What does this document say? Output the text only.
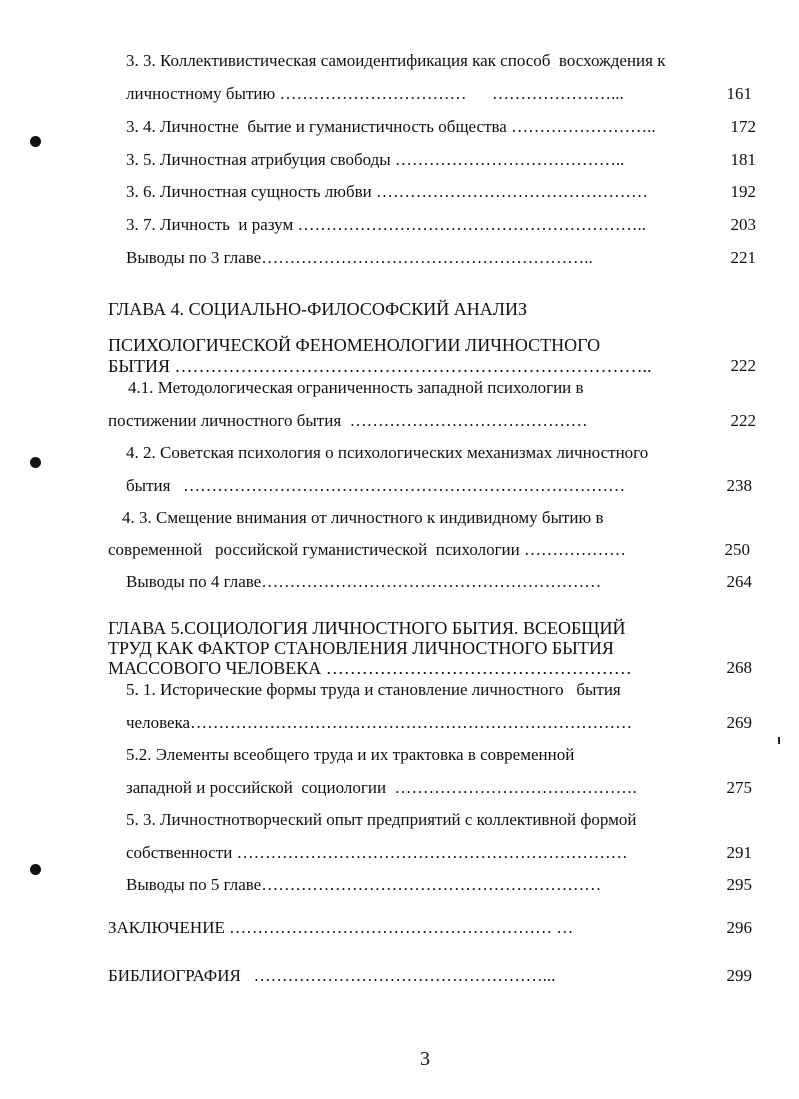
3. 3. Коллективистическая самоидентификация как способ  восхождения к
личностному бытию ……………………………      …………………...	161
3. 4. Личностне  бытие и гуманистичность общества ……………………..	172
3. 5. Личностная атрибуция свободы …………………………………..	181
3. 6. Личностная сущность любви …………………………………………	192
3. 7. Личность  и разум ……………………………………………………..	203
Выводы по 3 главе…………………………………………………..	221
ГЛАВА 4. СОЦИАЛЬНО-ФИЛОСОФСКИЙ АНАЛИЗ
ПСИХОЛОГИЧЕСКОЙ ФЕНОМЕНОЛОГИИ ЛИЧНОСТНОГО
БЫТИЯ ……………………………………………………………………..	222
4.1. Методологическая ограниченность западной психологии в
постижении личностного бытия  ……………………………………	222
4. 2. Советская психология о психологических механизмах личностного
бытия   ……………………………………………………………………	238
4. 3. Смещение внимания от личностного к индивидному бытию в
современной   российской гуманистической  психологии ………………	250
Выводы по 4 главе……………………………………………………	264
ГЛАВА 5.СОЦИОЛОГИЯ ЛИЧНОСТНОГО БЫТИЯ. ВСЕОБЩИЙ
ТРУД КАК ФАКТОР СТАНОВЛЕНИЯ ЛИЧНОСТНОГО БЫТИЯ
МАССОВОГО ЧЕЛОВЕКА ……………………………………………	268
5. 1. Исторические формы труда и становление личностного   бытия
человека……………………………………………………………………	269
5.2. Элементы всеобщего труда и их трактовка в современной
западной и российской  социологии  …………………………………….	275
5. 3. Личностнотворческий опыт предприятий с коллективной формой
собственности ……………………………………………………………	291
Выводы по 5 главе……………………………………………………	295
ЗАКЛЮЧЕНИЕ ………………………………………………… …	296
БИБЛИОГРАФИЯ   ……………………………………………...	299
3
